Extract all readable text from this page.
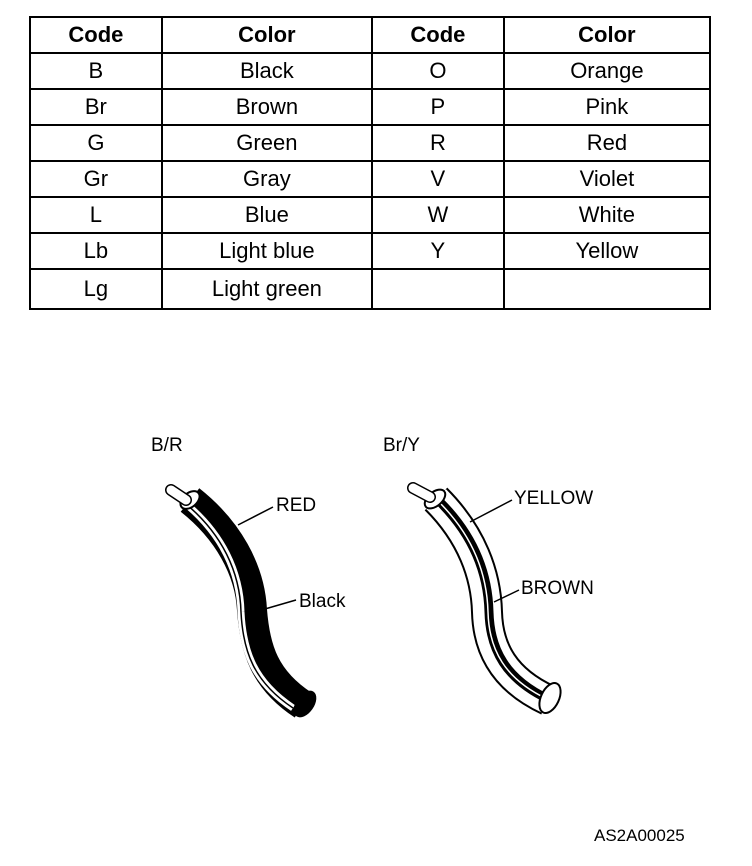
Code	Color	Code	Color
B	Black	O	Orange
Br	Brown	P	Pink
G	Green	R	Red
Gr	Gray	V	Violet
L	Blue	W	White
Lb	Light blue	Y	Yellow
Lg	Light green		
B/R
RED
Black
Br/Y
YELLOW
BROWN
AS2A00025
